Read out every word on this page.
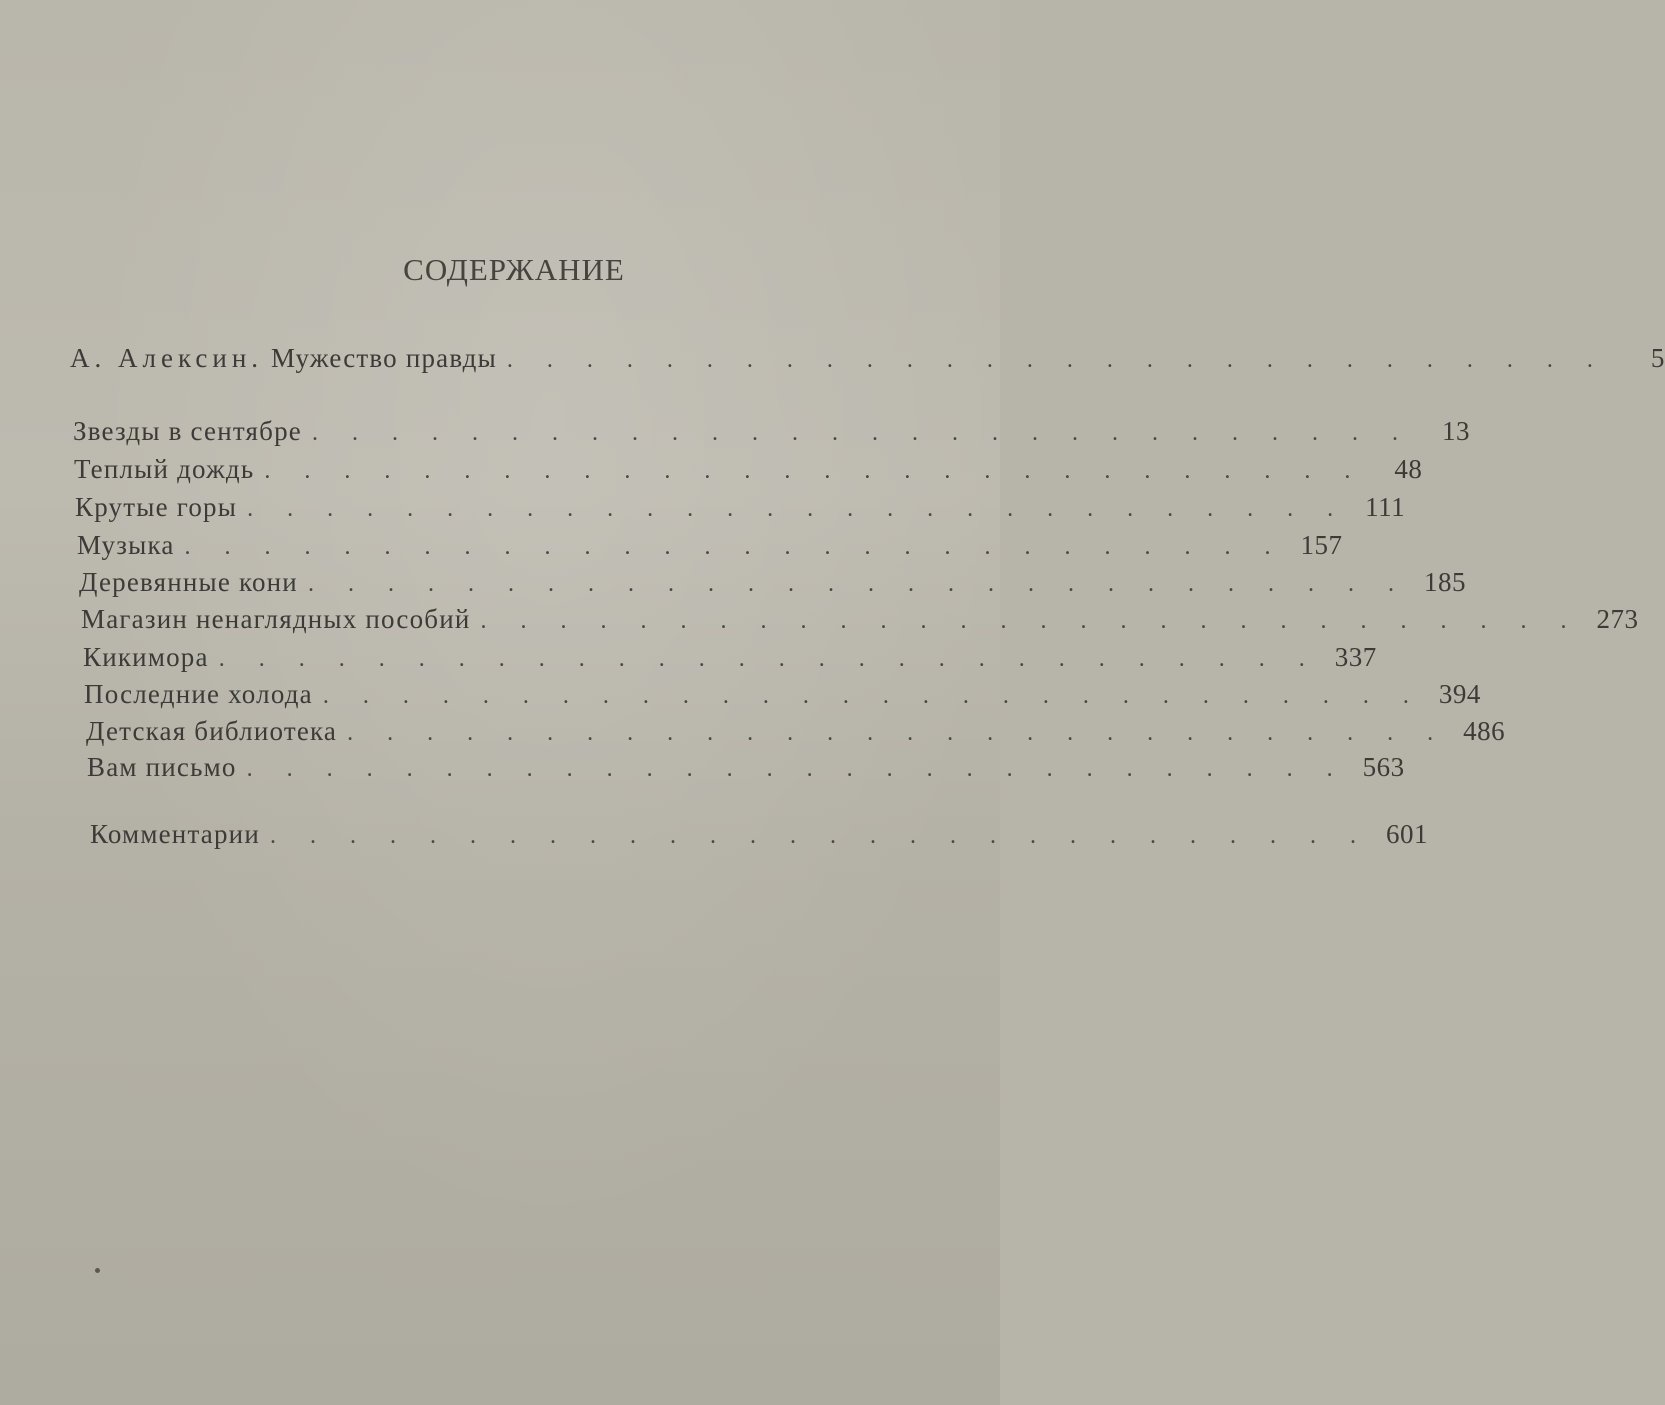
СОДЕРЖАНИЕ
А. Алексин. Мужество правды . . . . . . . . . . . . . . . . . . . . . . . . . . . .	5
Звезды в сентябре . . . . . . . . . . . . . . . . . . . . . . . . . . . .	13
Теплый дождь . . . . . . . . . . . . . . . . . . . . . . . . . . . .	48
Крутые горы . . . . . . . . . . . . . . . . . . . . . . . . . . . . 111
Музыка . . . . . . . . . . . . . . . . . . . . . . . . . . . . 157
Деревянные кони . . . . . . . . . . . . . . . . . . . . . . . . . . . . 185
Магазин ненаглядных пособий . . . . . . . . . . . . . . . . . . . . . . . . . . . . 273
Кикимора . . . . . . . . . . . . . . . . . . . . . . . . . . . . 337
Последние холода . . . . . . . . . . . . . . . . . . . . . . . . . . . . 394
Детская библиотека . . . . . . . . . . . . . . . . . . . . . . . . . . . . 486
Вам письмо . . . . . . . . . . . . . . . . . . . . . . . . . . . . 563
Комментарии . . . . . . . . . . . . . . . . . . . . . . . . . . . . 601
